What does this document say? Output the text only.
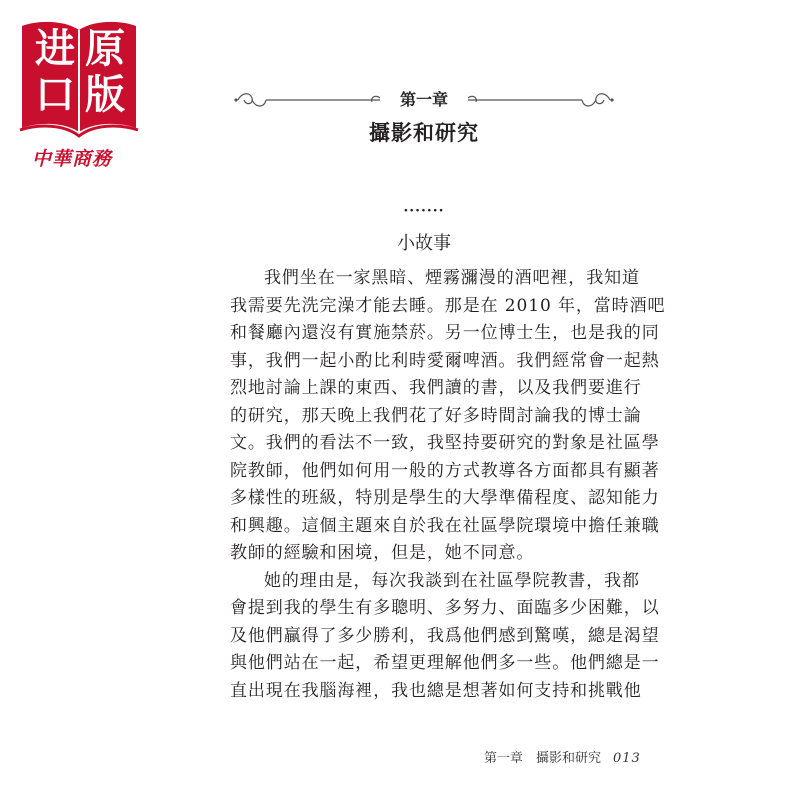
进
口
原
版
中華商務
第一章
攝影和研究
·······
小故事
我們坐在一家黑暗、煙霧瀰漫的酒吧裡，我知道
我需要先洗完澡才能去睡。那是在 2010 年，當時酒吧
和餐廳內還沒有實施禁菸。另一位博士生，也是我的同
事，我們一起小酌比利時愛爾啤酒。我們經常會一起熱
烈地討論上課的東西、我們讀的書，以及我們要進行
的研究，那天晚上我們花了好多時間討論我的博士論
文。我們的看法不一致，我堅持要研究的對象是社區學
院教師，他們如何用一般的方式教導各方面都具有顯著
多樣性的班級，特別是學生的大學準備程度、認知能力
和興趣。這個主題來自於我在社區學院環境中擔任兼職
教師的經驗和困境，但是，她不同意。
她的理由是，每次我談到在社區學院教書，我都
會提到我的學生有多聰明、多努力、面臨多少困難，以
及他們贏得了多少勝利，我爲他們感到驚嘆，總是渴望
與他們站在一起，希望更理解他們多一些。他們總是一
直出現在我腦海裡，我也總是想著如何支持和挑戰他
第一章　攝影和研究 013
